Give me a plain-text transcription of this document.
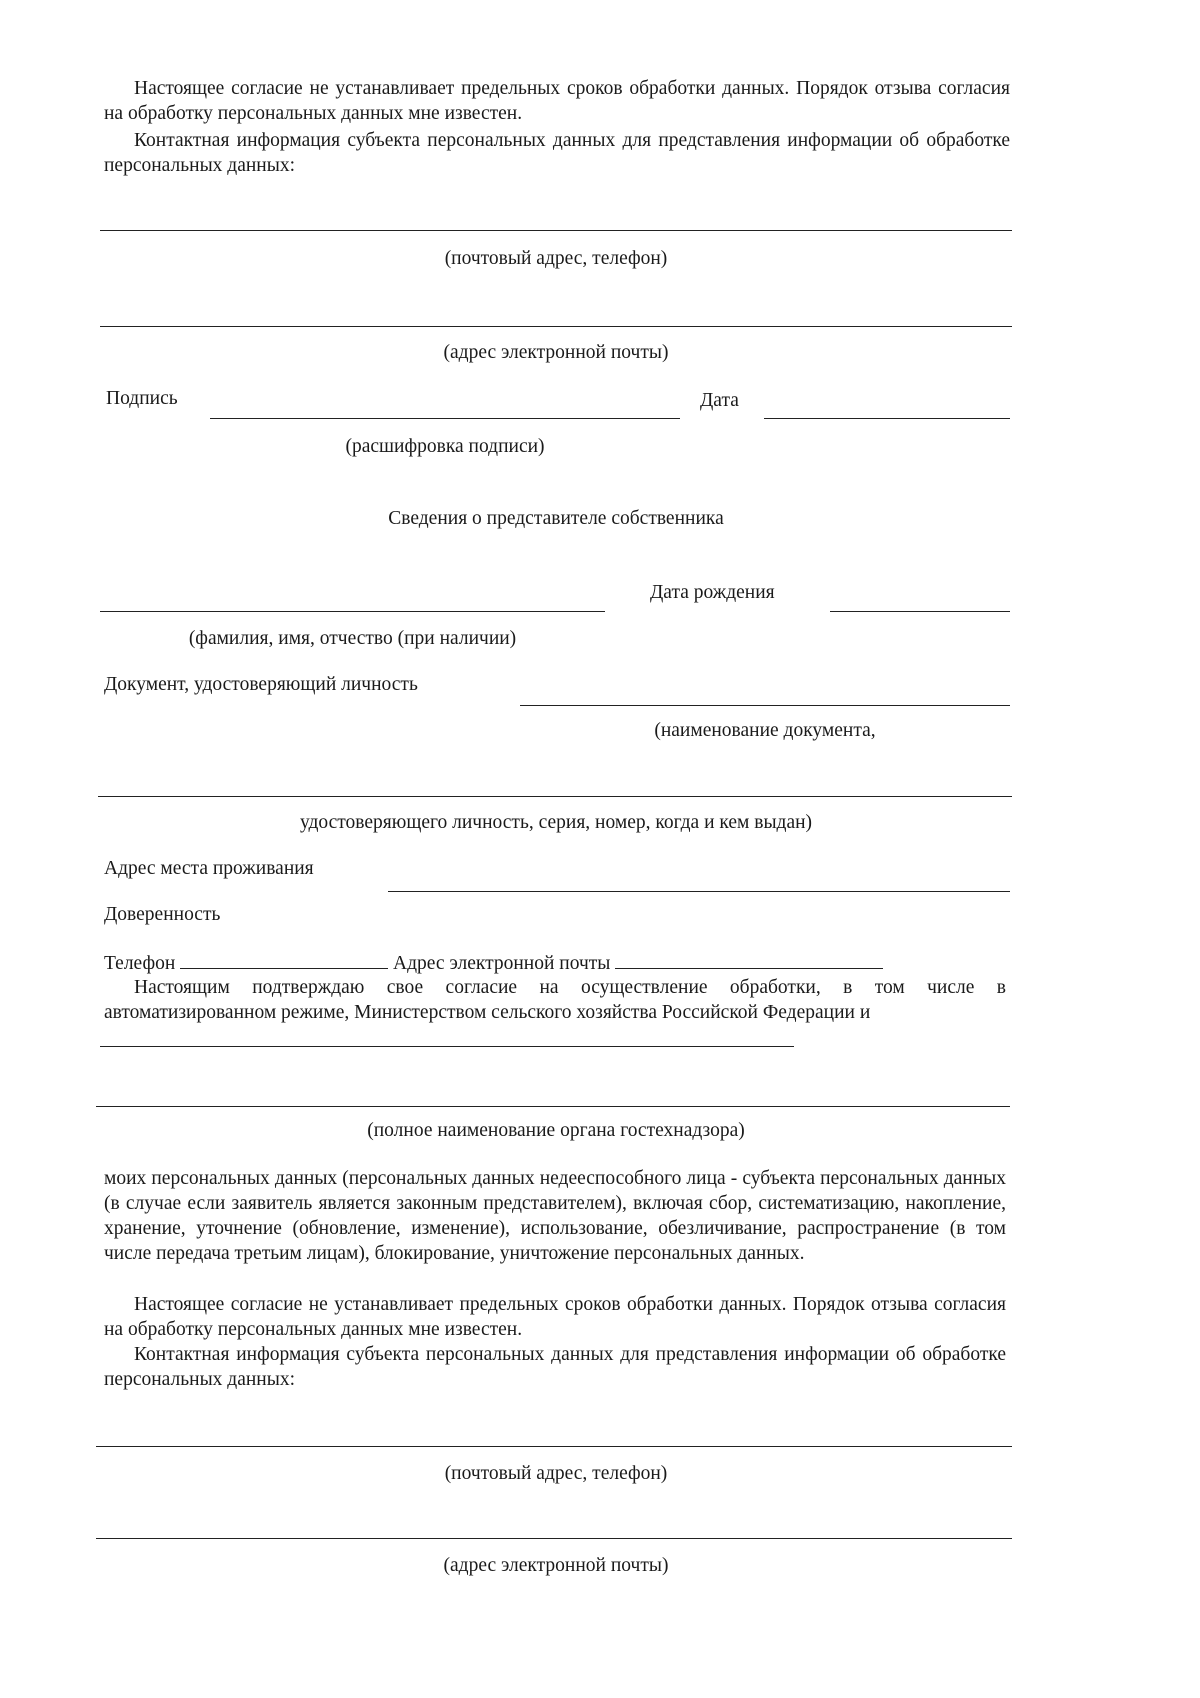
Настоящее согласие не устанавливает предельных сроков обработки данных. Порядок отзыва согласия на обработку персональных данных мне известен.

Контактная информация субъекта персональных данных для представления информации об обработке персональных данных:

(почтовый адрес, телефон)
(адрес электронной почты)
Подпись	Дата
(расшифровка подписи)
Сведения о представителе собственника
Дата рождения
(фамилия, имя, отчество (при наличии)
Документ, удостоверяющий личность
(наименование документа,
удостоверяющего личность, серия, номер, когда и кем выдан)
Адрес места проживания
Доверенность
Телефон	Адрес электронной почты

Настоящим подтверждаю свое согласие на осуществление обработки, в том числе в автоматизированном режиме, Министерством сельского хозяйства Российской Федерации и

(полное наименование органа гостехнадзора)

моих персональных данных (персональных данных недееспособного лица - субъекта персональных данных (в случае если заявитель является законным представителем), включая сбор, систематизацию, накопление, хранение, уточнение (обновление, изменение), использование, обезличивание, распространение (в том числе передача третьим лицам), блокирование, уничтожение персональных данных.

Настоящее согласие не устанавливает предельных сроков обработки данных. Порядок отзыва согласия на обработку персональных данных мне известен.

Контактная информация субъекта персональных данных для представления информации об обработке персональных данных:

(почтовый адрес, телефон)
(адрес электронной почты)
